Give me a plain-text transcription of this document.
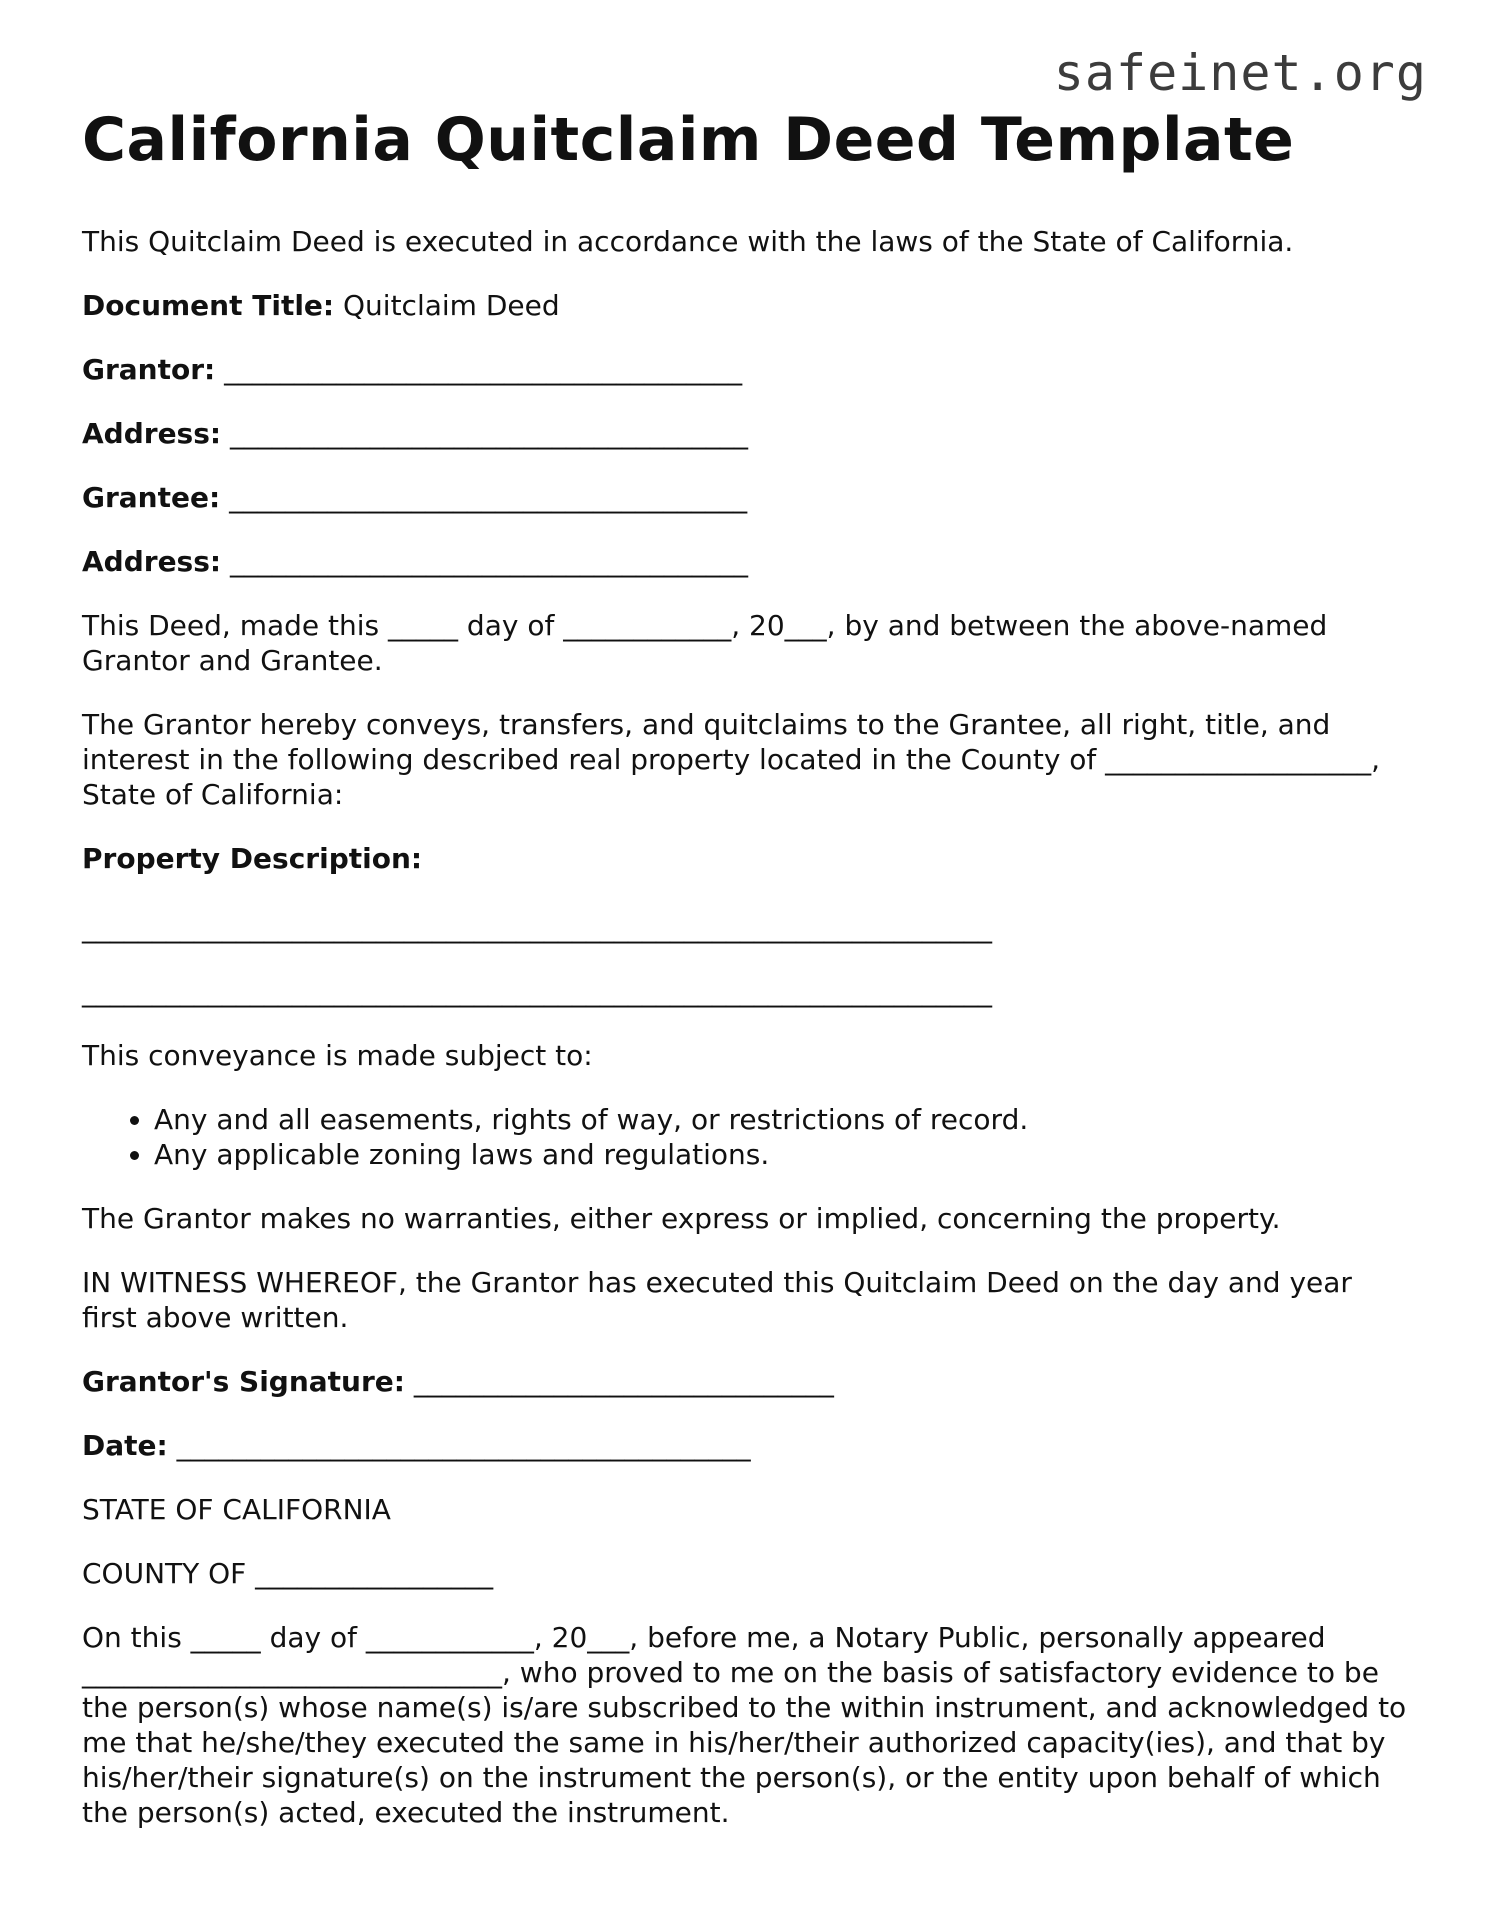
safeinet.org
California Quitclaim Deed Template

This Quitclaim Deed is executed in accordance with the laws of the State of California.

Document Title: Quitclaim Deed

Grantor: _____________________________________

Address: _____________________________________

Grantee: _____________________________________

Address: _____________________________________

This Deed, made this _____ day of ____________, 20___, by and between the above-named Grantor and Grantee.

The Grantor hereby conveys, transfers, and quitclaims to the Grantee, all right, title, and interest in the following described real property located in the County of ___________________, State of California:

Property Description:

_________________________________________________________________

_________________________________________________________________

This conveyance is made subject to:

• Any and all easements, rights of way, or restrictions of record.
• Any applicable zoning laws and regulations.

The Grantor makes no warranties, either express or implied, concerning the property.

IN WITNESS WHEREOF, the Grantor has executed this Quitclaim Deed on the day and year first above written.

Grantor's Signature: ______________________________

Date: _________________________________________

STATE OF CALIFORNIA

COUNTY OF _________________

On this _____ day of ____________, 20___, before me, a Notary Public, personally appeared ______________________________, who proved to me on the basis of satisfactory evidence to be the person(s) whose name(s) is/are subscribed to the within instrument, and acknowledged to me that he/she/they executed the same in his/her/their authorized capacity(ies), and that by his/her/their signature(s) on the instrument the person(s), or the entity upon behalf of which the person(s) acted, executed the instrument.
